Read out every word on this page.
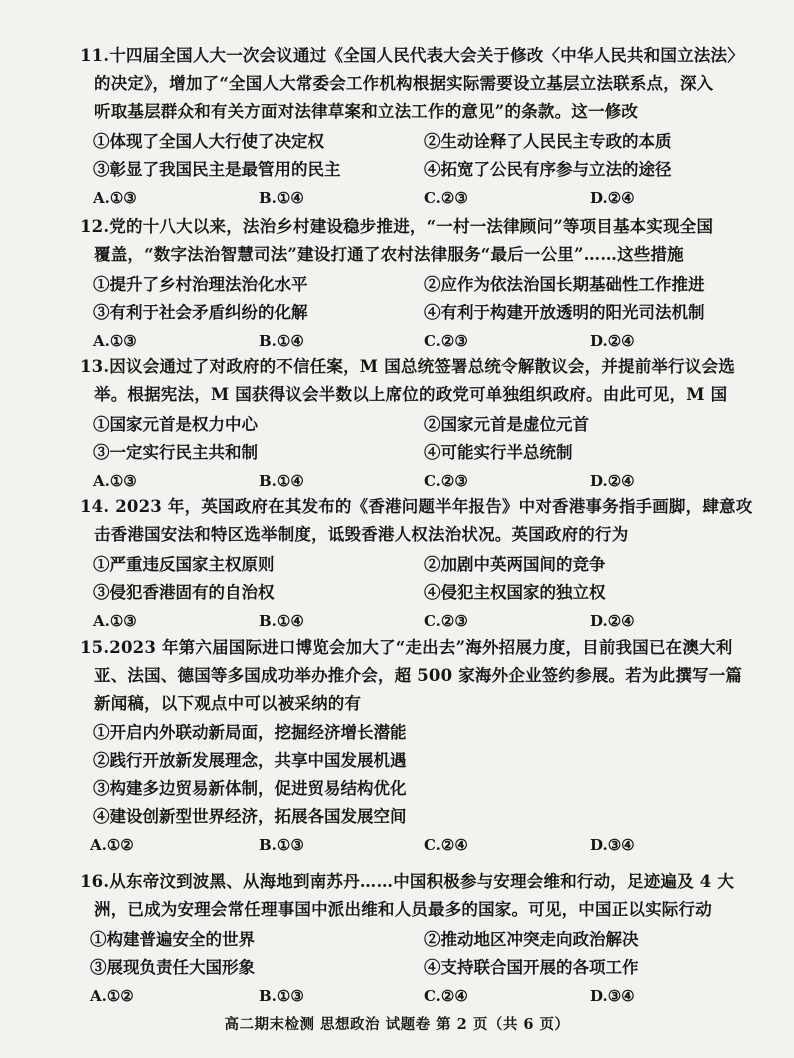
11.十四届全国人大一次会议通过《全国人民代表大会关于修改〈中华人民共和国立法法〉
的决定》，增加了“全国人大常委会工作机构根据实际需要设立基层立法联系点，深入
听取基层群众和有关方面对法律草案和立法工作的意见”的条款。这一修改
①体现了全国人大行使了决定权	②生动诠释了人民民主专政的本质
③彰显了我国民主是最管用的民主	④拓宽了公民有序参与立法的途径
A.①③	B.①④	C.②③	D.②④
12.党的十八大以来，法治乡村建设稳步推进，“一村一法律顾问”等项目基本实现全国
覆盖，“数字法治智慧司法”建设打通了农村法律服务“最后一公里”……这些措施
①提升了乡村治理法治化水平	②应作为依法治国长期基础性工作推进
③有利于社会矛盾纠纷的化解	④有利于构建开放透明的阳光司法机制
A.①③	B.①④	C.②③	D.②④
13.因议会通过了对政府的不信任案，M 国总统签署总统令解散议会，并提前举行议会选
举。根据宪法，M 国获得议会半数以上席位的政党可单独组织政府。由此可见，M 国
①国家元首是权力中心	②国家元首是虚位元首
③一定实行民主共和制	④可能实行半总统制
A.①③	B.①④	C.②③	D.②④
14. 2023 年，英国政府在其发布的《香港问题半年报告》中对香港事务指手画脚，肆意攻
击香港国安法和特区选举制度，诋毁香港人权法治状况。英国政府的行为
①严重违反国家主权原则	②加剧中英两国间的竞争
③侵犯香港固有的自治权	④侵犯主权国家的独立权
A.①③	B.①④	C.②③	D.②④
15.2023 年第六届国际进口博览会加大了“走出去”海外招展力度，目前我国已在澳大利
亚、法国、德国等多国成功举办推介会，超 500 家海外企业签约参展。若为此撰写一篇
新闻稿，以下观点中可以被采纳的有
①开启内外联动新局面，挖掘经济增长潜能
②践行开放新发展理念，共享中国发展机遇
③构建多边贸易新体制，促进贸易结构优化
④建设创新型世界经济，拓展各国发展空间
A.①②	B.①③	C.②④	D.③④
16.从东帝汶到波黑、从海地到南苏丹……中国积极参与安理会维和行动，足迹遍及 4 大
洲，已成为安理会常任理事国中派出维和人员最多的国家。可见，中国正以实际行动
①构建普遍安全的世界	②推动地区冲突走向政治解决
③展现负责任大国形象	④支持联合国开展的各项工作
A.①②	B.①③	C.②④	D.③④
高二期末检测 思想政治 试题卷 第 2 页（共 6 页）
